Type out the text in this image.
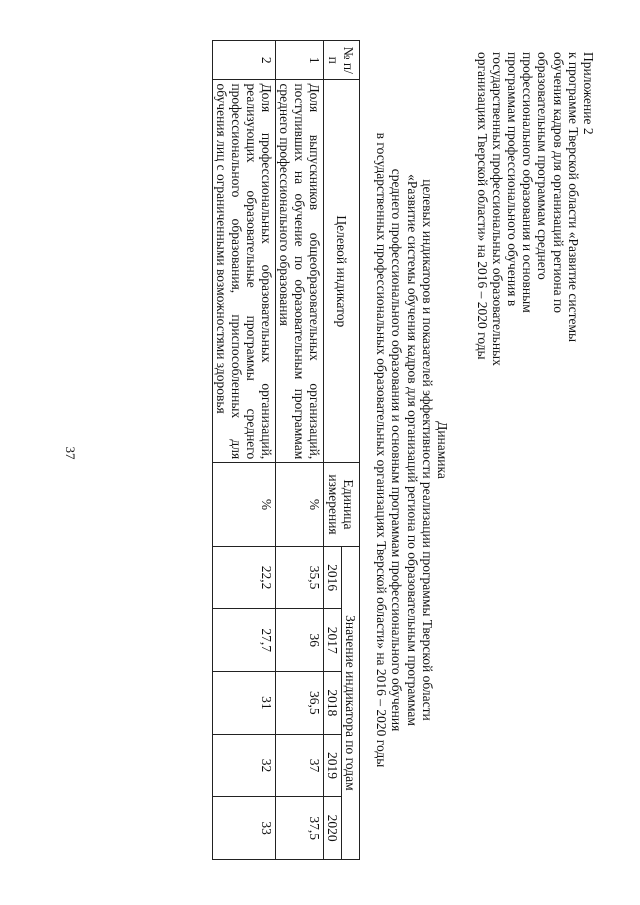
37
Приложение 2
к программе Тверской области «Развитие системы
обучения кадров для организаций региона по
образовательным программам среднего
профессионального образования и основным
программам профессионального обучения в
государственных профессиональных образовательных
организациях Тверской области» на 2016 – 2020 годы
Динамика
целевых индикаторов и показателей эффективности реализации программы Тверской области
«Развитие системы обучения кадров для организаций региона по образовательным программам
среднего профессионального образования и основным программам профессионального обучения
в государственных профессиональных образовательных организациях Тверской области» на 2016 – 2020 годы
№ п/п	Целевой индикатор	Единица измерения	Значение индикатора по годам				
			2016	2017	2018	2019	2020
1	Доля выпускников общеобразовательных организаций, поступивших на обучение по образовательным программам среднего профессионального образования	%	35,5	36	36,5	37	37,5
2	Доля профессиональных образовательных организаций, реализующих образовательные программы среднего профессионального образования, приспособленных для обучения лиц с ограниченными возможностями здоровья	%	22,2	27,7	31	32	33
